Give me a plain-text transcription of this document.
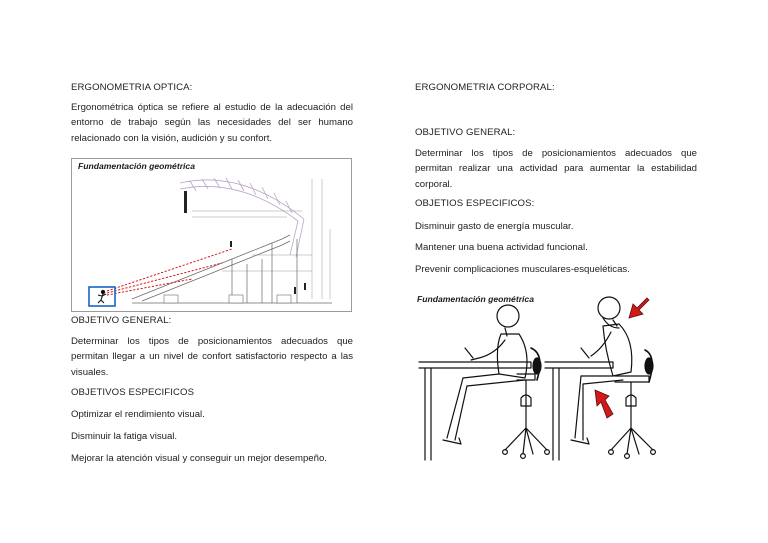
ERGONOMETRIA OPTICA:

Ergonométrica óptica se refiere al estudio de la adecuación del entorno de trabajo según las necesidades del ser humano relacionado con la visión, audición y su confort.

Fundamentación geométrica

OBJETIVO GENERAL:

Determinar los tipos de posicionamientos adecuados que permitan llegar a un nivel de confort satisfactorio respecto a las visuales.

OBJETIVOS ESPECIFICOS

Optimizar el rendimiento visual.

Disminuir la fatiga visual.

Mejorar la atención visual y conseguir un mejor desempeño.

ERGONOMETRIA CORPORAL:

OBJETIVO GENERAL:

Determinar los tipos de posicionamientos adecuados que permitan realizar una actividad para aumentar la estabilidad corporal.

OBJETIOS ESPECIFICOS:

Disminuir gasto de energía muscular.

Mantener una buena actividad funcional.

Prevenir complicaciones musculares-esqueléticas.

Fundamentación geométrica
